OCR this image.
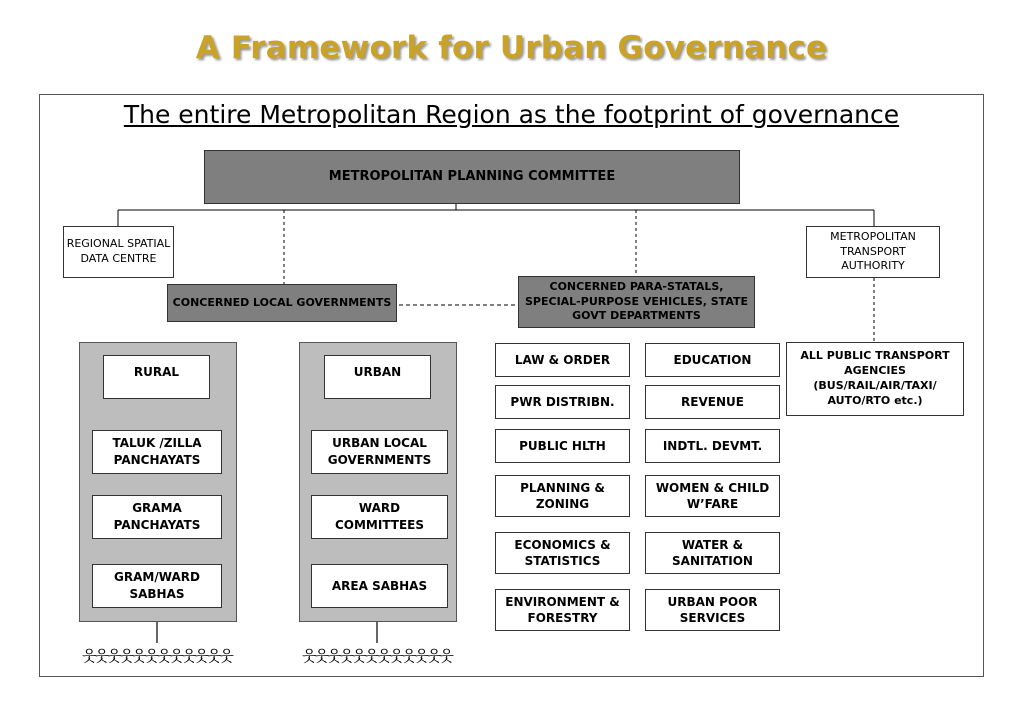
A Framework for Urban Governance
The entire Metropolitan Region as the footprint of governance
METROPOLITAN PLANNING COMMITTEE
REGIONAL SPATIAL DATA CENTRE
METROPOLITAN TRANSPORT AUTHORITY
CONCERNED LOCAL GOVERNMENTS
CONCERNED PARA-STATALS, SPECIAL-PURPOSE VEHICLES, STATE GOVT DEPARTMENTS
ALL PUBLIC TRANSPORT AGENCIES (BUS/RAIL/AIR/TAXI/ AUTO/RTO etc.)
RURAL
TALUK /ZILLA PANCHAYATS
GRAMA PANCHAYATS
GRAM/WARD SABHAS
URBAN
URBAN LOCAL GOVERNMENTS
WARD COMMITTEES
AREA SABHAS
LAW & ORDER
PWR DISTRIBN.
PUBLIC HLTH
PLANNING & ZONING
ECONOMICS & STATISTICS
ENVIRONMENT & FORESTRY
EDUCATION
REVENUE
INDTL. DEVMT.
WOMEN & CHILD W’FARE
WATER & SANITATION
URBAN POOR SERVICES
웃웃웃웃웃웃웃웃웃웃웃웃	웃웃웃웃웃웃웃웃웃웃웃웃
